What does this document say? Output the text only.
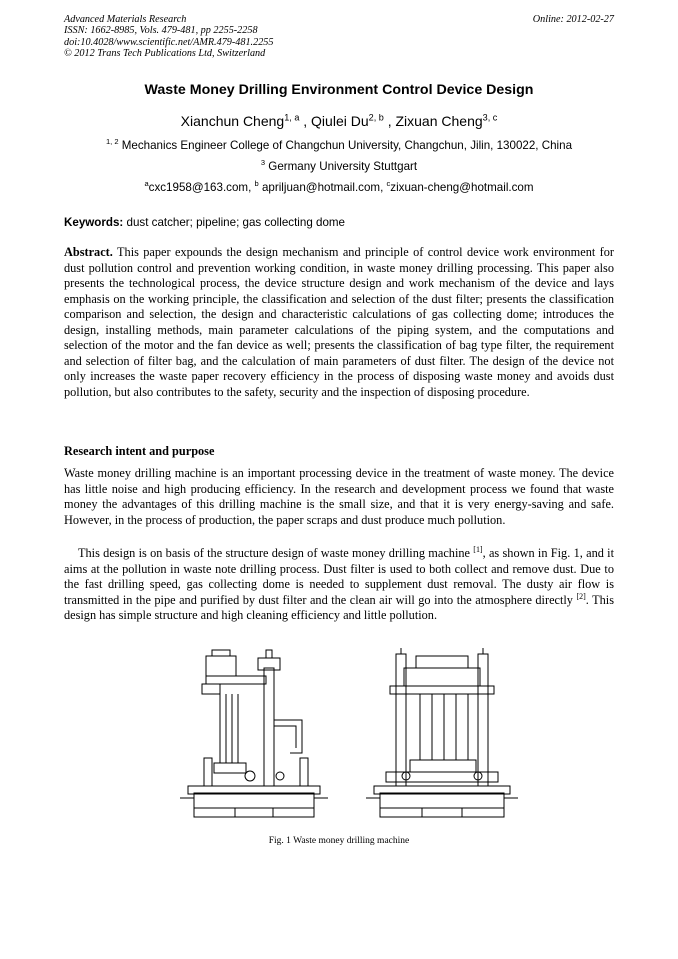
Advanced Materials Research
ISSN: 1662-8985, Vols. 479-481, pp 2255-2258
doi:10.4028/www.scientific.net/AMR.479-481.2255
© 2012 Trans Tech Publications Ltd, Switzerland
Online: 2012-02-27
Waste Money Drilling Environment Control Device Design
Xianchun Cheng$^{1, a}$ , Qiulei Du$^{2, b}$ , Zixuan Cheng$^{3, c}$
$^{1, 2}$ Mechanics Engineer College of Changchun University, Changchun, Jilin, 130022, China
$^3$ Germany University Stuttgart
$^a$cxc1958@163.com, $^b$ apriljuan@hotmail.com, $^c$zixuan-cheng@hotmail.com
Keywords: dust catcher; pipeline; gas collecting dome
Abstract. This paper expounds the design mechanism and principle of control device work environment for dust pollution control and prevention working condition, in waste money drilling processing. This paper also presents the technological process, the device structure design and work mechanism of the device and lays emphasis on the working principle, the classification and selection of the dust filter; presents the classification comparison and selection, the design and characteristic calculations of gas collecting dome; introduces the design, installing methods, main parameter calculations of the piping system, and the computations and selection of the motor and the fan device as well; presents the classification of bag type filter, the requirement and selection of filter bag, and the calculation of main parameters of dust filter. The design of the device not only increases the waste paper recovery efficiency in the process of disposing waste money and avoids dust pollution, but also contributes to the safety, security and the inspection of disposing procedure.
Research intent and purpose
Waste money drilling machine is an important processing device in the treatment of waste money. The device has little noise and high producing efficiency. In the research and development process we found that waste money the advantages of this drilling machine is the small size, and that it is very energy-saving and safe. However, in the process of production, the paper scraps and dust produce much pollution.
This design is on basis of the structure design of waste money drilling machine [1], as shown in Fig. 1, and it aims at the pollution in waste note drilling process. Dust filter is used to both collect and remove dust. Due to the fast drilling speed, gas collecting dome is needed to supplement dust removal. The dusty air flow is transmitted in the pipe and purified by dust filter and the clean air will go into the atmosphere directly [2]. This design has simple structure and high cleaning efficiency and little pollution.
Fig. 1 Waste money drilling machine
